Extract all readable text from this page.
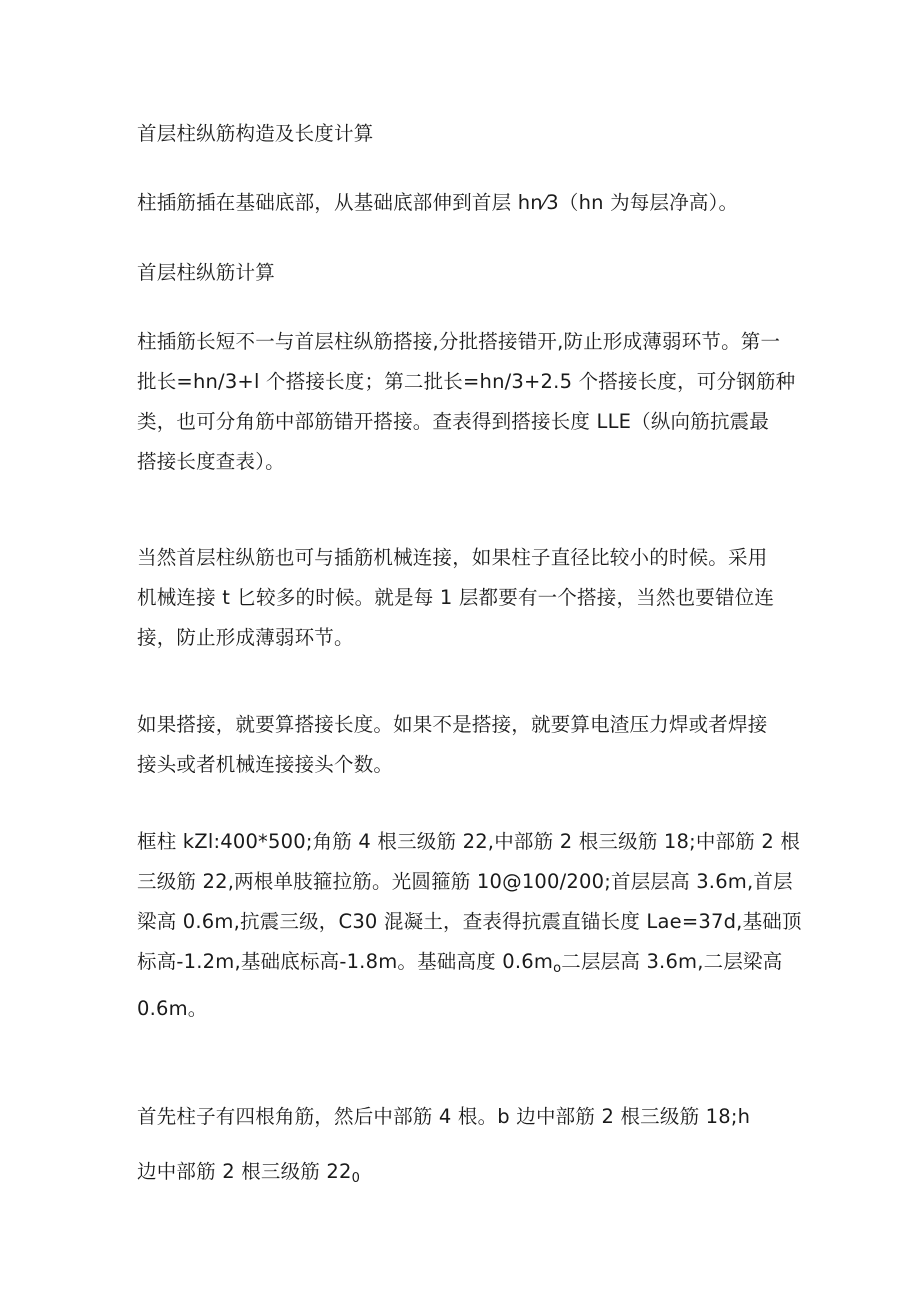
首层柱纵筋构造及长度计算

柱插筋插在基础底部，从基础底部伸到首层 hn⁄3（hn 为每层净高）。

首层柱纵筋计算

柱插筋长短不一与首层柱纵筋搭接,分批搭接错开,防止形成薄弱环节。第一
批长=hn/3+l 个搭接长度；第二批长=hn/3+2.5 个搭接长度，可分钢筋种
类，也可分角筋中部筋错开搭接。查表得到搭接长度 LLE（纵向筋抗震最
搭接长度查表）。

当然首层柱纵筋也可与插筋机械连接，如果柱子直径比较小的时候。采用
机械连接 t 匕较多的时候。就是每 1 层都要有一个搭接，当然也要错位连
接，防止形成薄弱环节。

如果搭接，就要算搭接长度。如果不是搭接，就要算电渣压力焊或者焊接
接头或者机械连接接头个数。

框柱 kZl:400*500;角筋 4 根三级筋 22,中部筋 2 根三级筋 18;中部筋 2 根
三级筋 22,两根单肢箍拉筋。光圆箍筋 10@100/200;首层层高 3.6m,首层
梁高 0.6m,抗震三级，C30 混凝土，查表得抗震直锚长度 Lae=37d,基础顶
标高-1.2m,基础底标高-1.8m。基础高度 $0.6m_o$二层层高 3.6m,二层梁高
0.6m。

首先柱子有四根角筋，然后中部筋 4 根。b 边中部筋 2 根三级筋 18;h

边中部筋 2 根三级筋 $22_0$
